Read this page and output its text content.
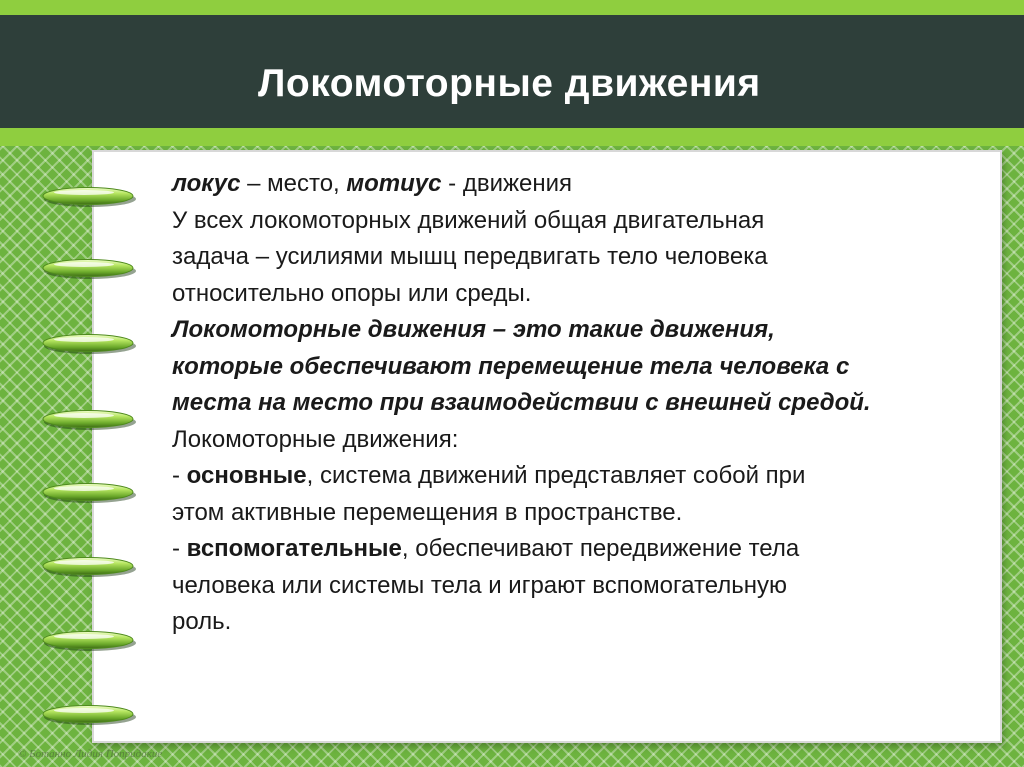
Локомоторные движения

локус – место, мотиус - движения

У всех локомоторных движений общая двигательная

задача – усилиями мышц передвигать тело человека

относительно опоры или среды.

Локомоторные движения – это такие движения,

которые обеспечивают перемещение тела человека с

места на место при взаимодействии с внешней средой.

Локомоторные движения:

- основные, система движений представляет собой при

этом активные перемещения в пространстве.

- вспомогательные, обеспечивают передвижение тела

человека или системы тела и играют вспомогательную

роль.

© Ботанно Лидия Попридакие
